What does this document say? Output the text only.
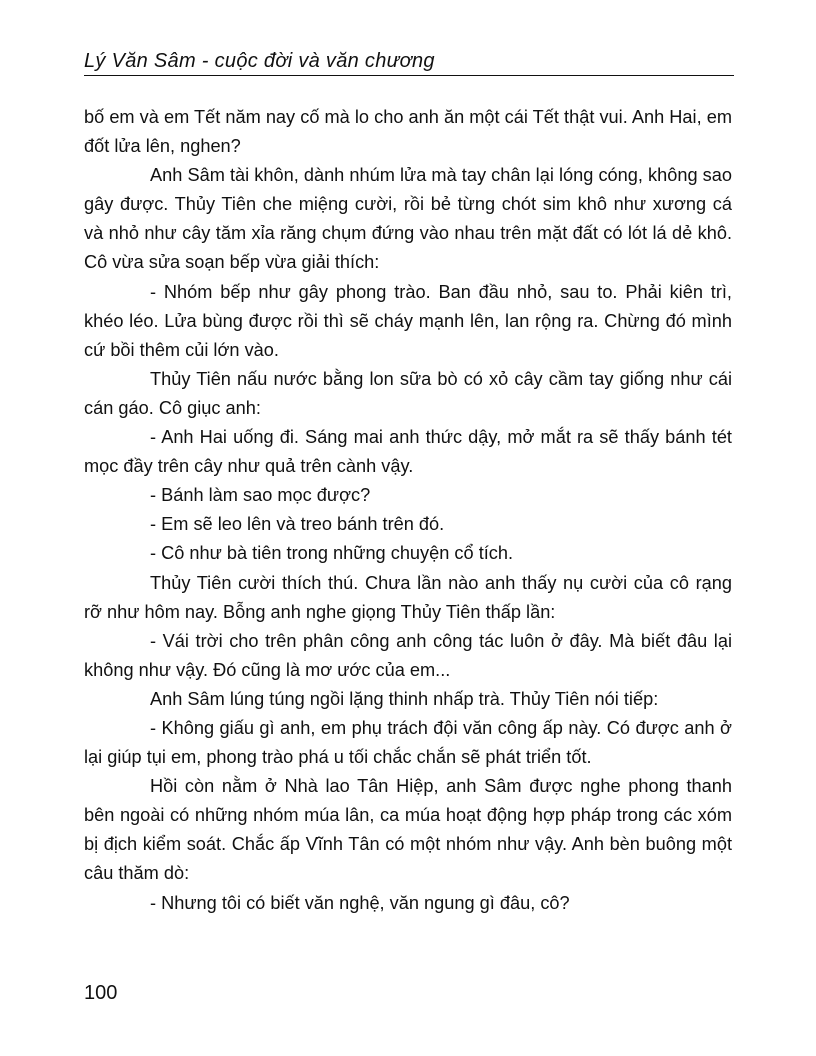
Lý Văn Sâm - cuộc đời và văn chương

bố em và em Tết năm nay cố mà lo cho anh ăn một cái Tết thật vui. Anh Hai, em đốt lửa lên, nghen?

Anh Sâm tài khôn, dành nhúm lửa mà tay chân lại lóng cóng, không sao gây được. Thủy Tiên che miệng cười, rồi bẻ từng chót sim khô như xương cá và nhỏ như cây tăm xỉa răng chụm đứng vào nhau trên mặt đất có lót lá dẻ khô. Cô vừa sửa soạn bếp vừa giải thích:

- Nhóm bếp như gây phong trào. Ban đầu nhỏ, sau to. Phải kiên trì, khéo léo. Lửa bùng được rồi thì sẽ cháy mạnh lên, lan rộng ra. Chừng đó mình cứ bồi thêm củi lớn vào.

Thủy Tiên nấu nước bằng lon sữa bò có xỏ cây cầm tay giống như cái cán gáo. Cô giục anh:

- Anh Hai uống đi. Sáng mai anh thức dậy, mở mắt ra sẽ thấy bánh tét mọc đầy trên cây như quả trên cành vậy.

- Bánh làm sao mọc được?

- Em sẽ leo lên và treo bánh trên đó.

- Cô như bà tiên trong những chuyện cổ tích.

Thủy Tiên cười thích thú. Chưa lần nào anh thấy nụ cười của cô rạng rỡ như hôm nay. Bỗng anh nghe giọng Thủy Tiên thấp lần:

- Vái trời cho trên phân công anh công tác luôn ở đây. Mà biết đâu lại không như vậy. Đó cũng là mơ ước của em...

Anh Sâm lúng túng ngồi lặng thinh nhấp trà. Thủy Tiên nói tiếp:

- Không giấu gì anh, em phụ trách đội văn công ấp này. Có được anh ở lại giúp tụi em, phong trào phá u tối chắc chắn sẽ phát triển tốt.

Hồi còn nằm ở Nhà lao Tân Hiệp, anh Sâm được nghe phong thanh bên ngoài có những nhóm múa lân, ca múa hoạt động hợp pháp trong các xóm bị địch kiểm soát. Chắc ấp Vĩnh Tân có một nhóm như vậy. Anh bèn buông một câu thăm dò:

- Nhưng tôi có biết văn nghệ, văn ngung gì đâu, cô?

100
